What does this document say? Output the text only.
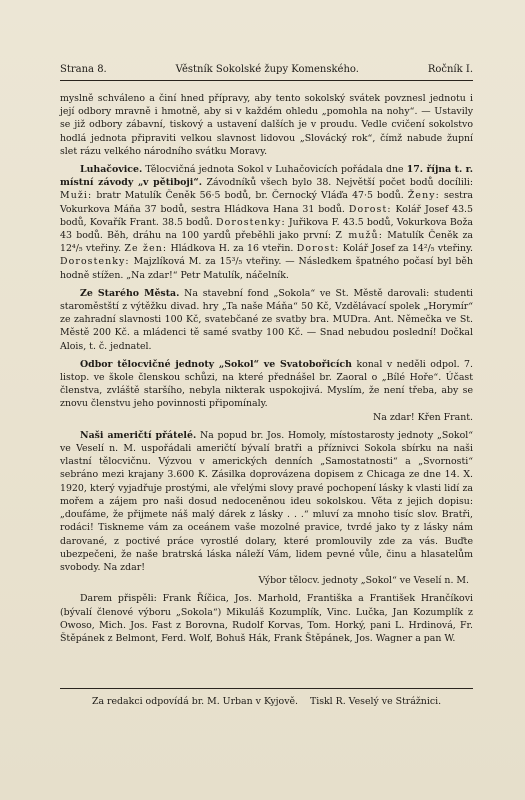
Strana 8.	Věstník Sokolské župy Komenského.	Ročník I.

myslně schváleno a činí hned přípravy, aby tento sokolský svátek povznesl jednotu i její odbory mravně i hmotně, aby si v každém ohledu „pomohla na nohy“. — Ustavily se již odbory zábavní, tiskový a ustavení dalších je v proudu. Vedle cvičení sokolstvo hodlá jednota připraviti velkou slavnost lidovou „Slovácký rok“, čímž nabude župní slet rázu velkého národního svátku Moravy.

Luhačovice. Tělocvičná jednota Sokol v Luhačovicích pořádala dne 17. října t. r. místní závody „v pětiboji“. Závodníků všech bylo 38. Největší počet bodů docílili: Muži: bratr Matulík Čeněk 56·5 bodů, br. Černocký Vláďa 47·5 bodů. Ženy: sestra Vokurkova Máňa 37 bodů, sestra Hládkova Hana 31 bodů. Dorost: Kolář Josef 43.5 bodů, Kovařík Frant. 38.5 bodů. Dorostenky: Juřikova F. 43.5 bodů, Vokurkova Boža 43 bodů. Běh, dráhu na 100 yardů přeběhli jako první: Z mužů: Matulík Čeněk za 12⁴/₅ vteřiny. Ze žen: Hládkova H. za 16 vteřin. Dorost: Kolář Josef za 14²/₅ vteřiny. Dorostenky: Majzlíková M. za 15³/₅ vteřiny. — Následkem špatného počasí byl běh hodně stížen. „Na zdar!“ Petr Matulík, náčelník.

Ze Starého Města. Na stavební fond „Sokola“ ve St. Městě darovali: studenti staroměstští z výtěžku divad. hry „Ta naše Máňa“ 50 Kč, Vzdělávací spolek „Horymír“ ze zahradní slavnosti 100 Kč, svatebčané ze svatby bra. MUDra. Ant. Němečka ve St. Městě 200 Kč. a mládenci tě samé svatby 100 Kč. — Snad nebudou poslední! Dočkal Alois, t. č. jednatel.

Odbor tělocvičné jednoty „Sokol“ ve Svatobořicích konal v neděli odpol. 7. listop. ve škole členskou schůzi, na které přednášel br. Zaoral o „Bílé Hoře“. Účast členstva, zvláště staršího, nebyla nikterak uspokojivá. Myslím, že není třeba, aby se znovu členstvu jeho povinnosti připomínaly.
Na zdar! Křen Frant.

Naši američtí přátelé. Na popud br. Jos. Homoly, místostarosty jednoty „Sokol“ ve Veselí n. M. uspořádali američtí bývalí bratři a příznivci Sokola sbírku na naši vlastní tělocvičnu. Výzvou v amerických denních „Samostatnosti“ a „Svornosti“ sebráno mezi krajany 3.600 K. Zásilka doprovázena dopisem z Chicaga ze dne 14. X. 1920, který vyjadřuje prostými, ale vřelými slovy pravé pochopení lásky k vlasti lidí za mořem a zájem pro naši dosud nedoceněnou ideu sokolskou. Věta z jejich dopisu: „doufáme, že přijmete náš malý dárek z lásky . . .“ mluví za mnoho tisíc slov. Bratři, rodáci! Tiskneme vám za oceánem vaše mozolné pravice, tvrdé jako ty z lásky nám darované, z poctivé práce vyrostlé dolary, které promlouvily zde za vás. Buďte ubezpečeni, že naše bratrská láska náleží Vám, lidem pevné vůle, činu a hlasatelům svobody. Na zdar!
Výbor tělocv. jednoty „Sokol“ ve Veselí n. M.

Darem přispěli: Frank Říčica, Jos. Marhold, Františka a František Hrančíkovi (bývalí členové výboru „Sokola“) Mikuláš Kozumplík, Vinc. Lučka, Jan Kozumplík z Owoso, Mich. Jos. Fast z Borovna, Rudolf Korvas, Tom. Horký, pani L. Hrdinová, Fr. Štěpánek z Belmont, Ferd. Wolf, Bohuš Hák, Frank Štěpánek, Jos. Wagner a pan W.

Za redakci odpovídá br. M. Urban v Kyjově.    Tiskl R. Veselý ve Strážnici.
